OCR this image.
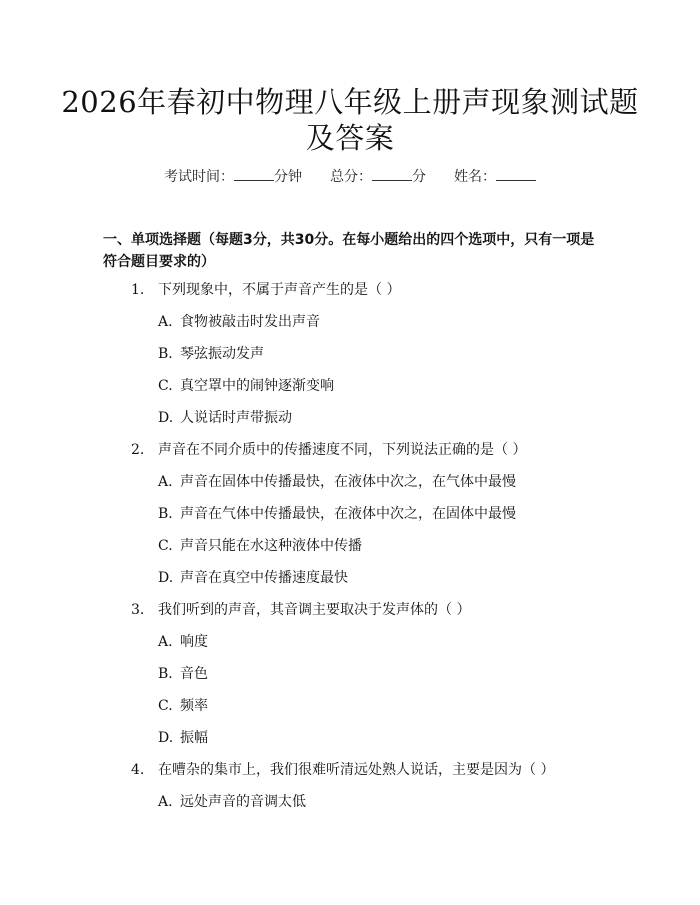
2026年春初中物理八年级上册声现象测试题
及答案
考试时间：	分钟 总分：	分 姓名：
一、单项选择题（每题3分，共30分。在每小题给出的四个选项中，只有一项是符合题目要求的）
1. 下列现象中，不属于声音产生的是（ ）
A. 食物被敲击时发出声音
B. 琴弦振动发声
C. 真空罩中的闹钟逐渐变响
D. 人说话时声带振动
2. 声音在不同介质中的传播速度不同，下列说法正确的是（ ）
A. 声音在固体中传播最快，在液体中次之，在气体中最慢
B. 声音在气体中传播最快，在液体中次之，在固体中最慢
C. 声音只能在水这种液体中传播
D. 声音在真空中传播速度最快
3. 我们听到的声音，其音调主要取决于发声体的（ ）
A. 响度
B. 音色
C. 频率
D. 振幅
4. 在嘈杂的集市上，我们很难听清远处熟人说话，主要是因为（ ）
A. 远处声音的音调太低
